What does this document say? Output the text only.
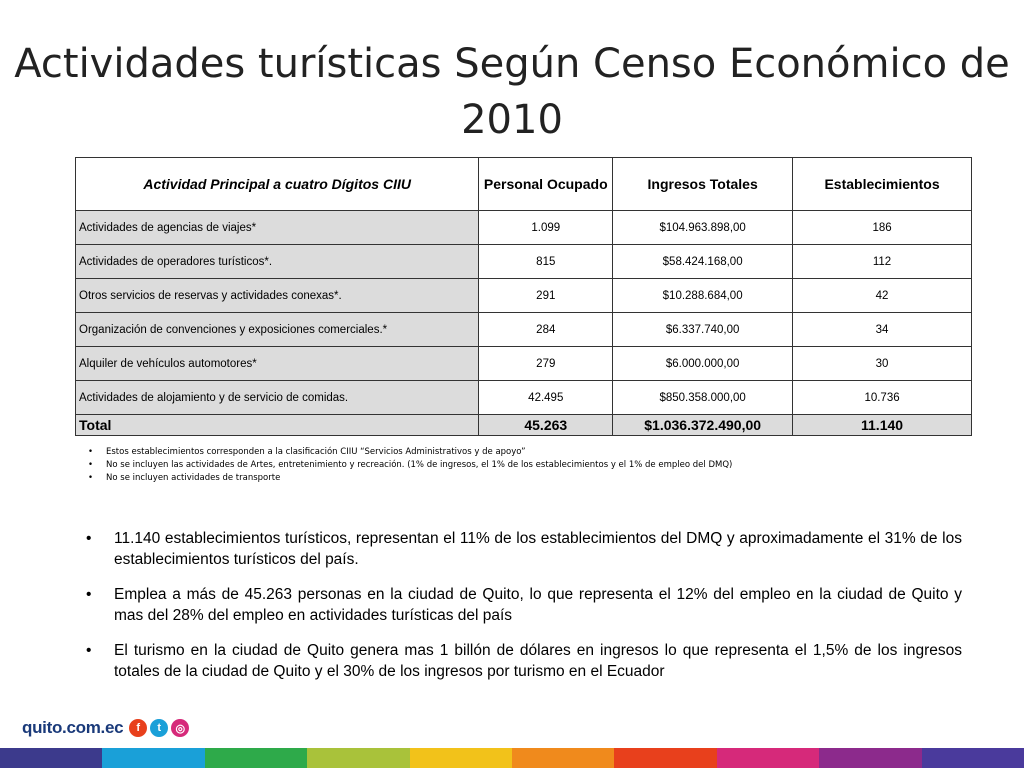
Actividades turísticas Según Censo Económico de 2010
Actividad Principal a cuatro Dígitos CIIU	Personal Ocupado	Ingresos Totales	Establecimientos
Actividades de agencias de viajes*	1.099	$104.963.898,00	186
Actividades de operadores turísticos*.	815	$58.424.168,00	112
Otros servicios de reservas y actividades conexas*.	291	$10.288.684,00	42
Organización de convenciones y exposiciones comerciales.*	284	$6.337.740,00	34
Alquiler de vehículos automotores*	279	$6.000.000,00	30
Actividades de alojamiento y de servicio de comidas.	42.495	$850.358.000,00	10.736
Total	45.263	$1.036.372.490,00	11.140
• Estos establecimientos corresponden a la clasificación CIIU “Servicios Administrativos y de apoyo”
• No se incluyen las actividades de Artes, entretenimiento y recreación. (1% de ingresos, el 1% de los establecimientos y el 1% de empleo del DMQ)
• No se incluyen actividades de transporte
• 11.140 establecimientos turísticos, representan el 11% de los establecimientos del DMQ y aproximadamente el 31% de los establecimientos turísticos del país.
• Emplea a más de 45.263 personas en la ciudad de Quito, lo que representa el 12% del empleo en la ciudad de Quito y mas del 28% del empleo en actividades turísticas del país
• El turismo en la ciudad de Quito genera mas 1 billón de dólares en ingresos lo que representa el 1,5% de los ingresos totales de la ciudad de Quito y el 30% de los ingresos por turismo en el Ecuador
quito.com.ec	f	t	◎
